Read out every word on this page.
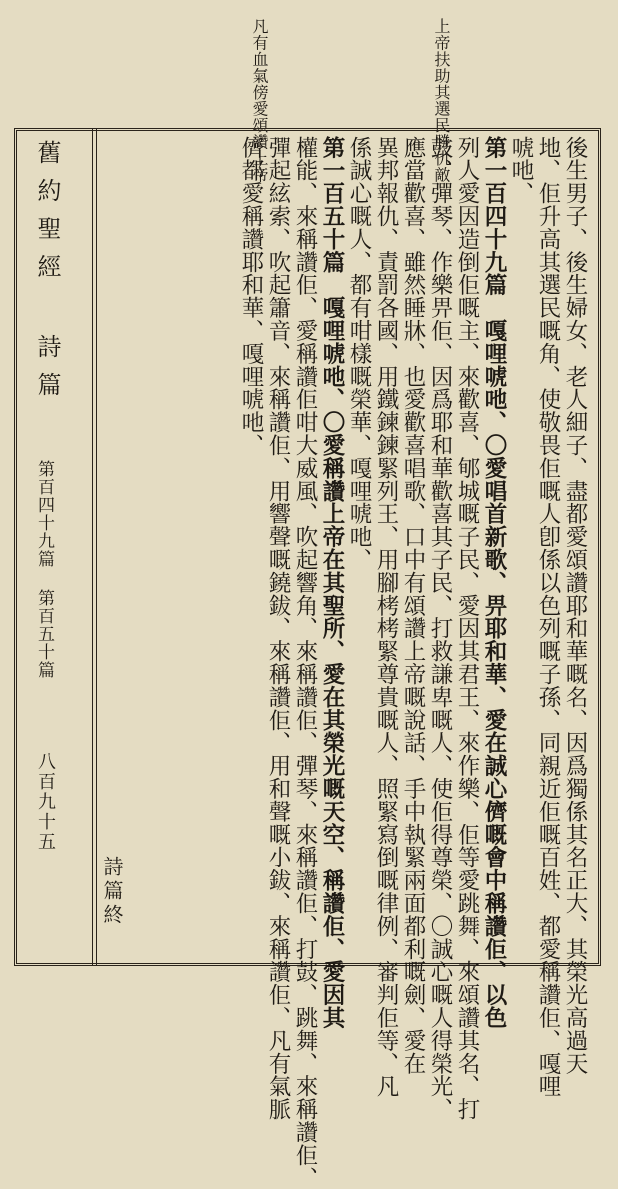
凡有血氣傍愛頌讚上帝	上帝扶助其選民勝仇敵
舊約聖經 詩篇
第百四十九篇 第百五十篇
八百九十五	後生男子、後生婦女、老人細子、盡都愛頌讚耶和華嘅名、因爲獨係其名正大、其榮光高過天
地、佢升高其選民嘅角、使敬畏佢嘅人卽係以色列嘅子孫、同親近佢嘅百姓、都愛稱讚佢、嘎哩
唬吔、
第一百四十九篇　嘎哩唬吔、〇愛唱首新歌、畀耶和華、愛在誠心儕嘅會中稱讚佢、以色
列人愛因造倒佢嘅主、來歡喜、郇城嘅子民、愛因其君王、來作樂、佢等愛跳舞、來頌讚其名、打
鼓、彈琴、作樂畀佢、因爲耶和華歡喜其子民、打救謙卑嘅人、使佢得尊榮、〇誠心嘅人得榮光、
應當歡喜、雖然睡牀、也愛歡喜唱歌、口中有頌讚上帝嘅說話、手中執緊兩面都利嘅劍、愛在
異邦報仇、責罰各國、用鐵鍊鍊緊列王、用腳栲栲緊尊貴嘅人、照緊寫倒嘅律例、審判佢等、凡
係誠心嘅人、都有咁樣嘅榮華、嘎哩唬吔、
第一百五十篇　嘎哩唬吔、〇愛稱讚上帝在其聖所、愛在其榮光嘅天空、稱讚佢、愛因其
權能、來稱讚佢、愛稱讚佢咁大威風、吹起響角、來稱讚佢、彈琴、來稱讚佢、打鼓、跳舞、來稱讚佢、
彈起絃索、吹起簫音、來稱讚佢、用響聲嘅鐃鈸、來稱讚佢、用和聲嘅小鈸、來稱讚佢、凡有氣脈
儕都愛稱讚耶和華、嘎哩唬吔、
詩篇終
